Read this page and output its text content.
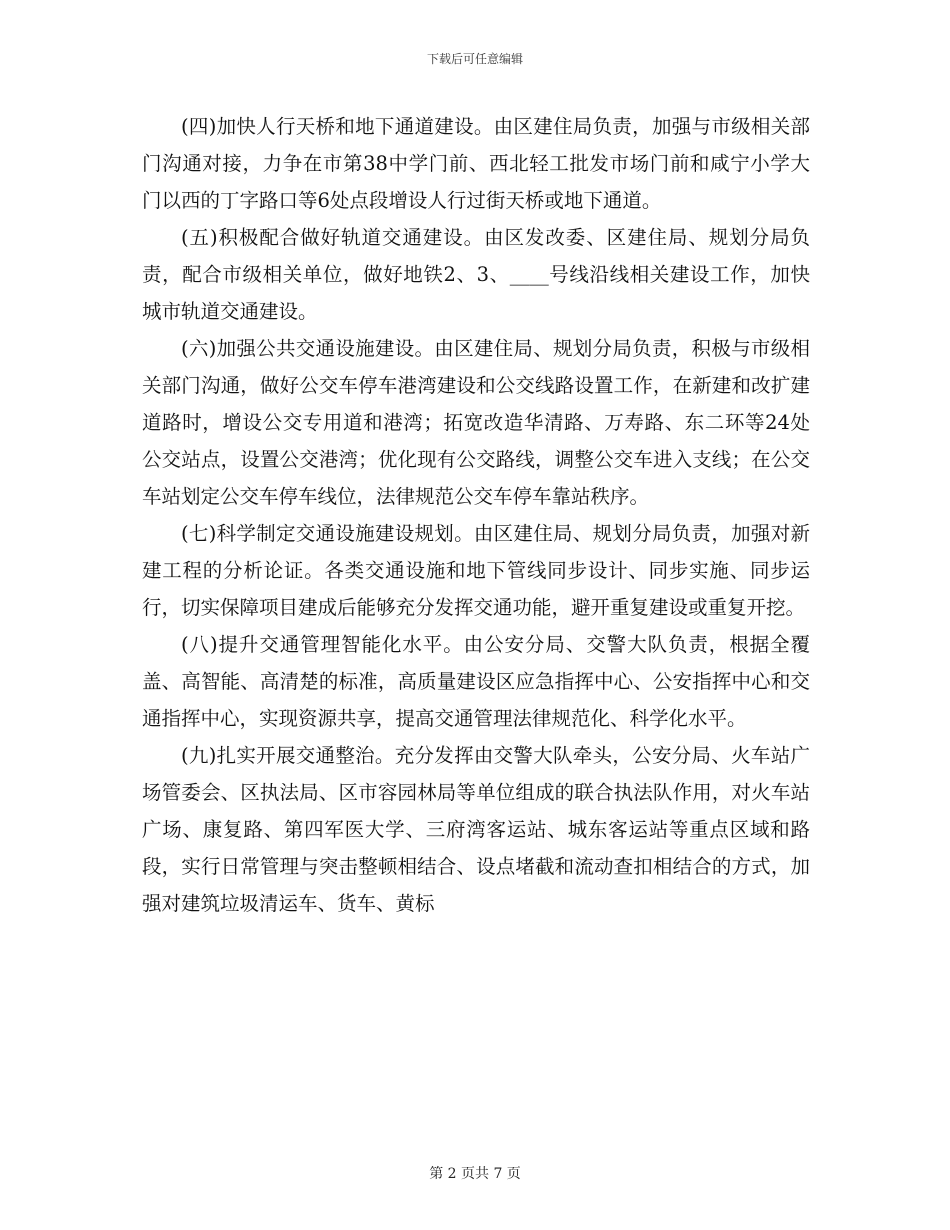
下载后可任意编辑

(四)加快人行天桥和地下通道建设。由区建住局负责，加强与市级相关部门沟通对接，力争在市第38中学门前、西北轻工批发市场门前和咸宁小学大门以西的丁字路口等6处点段增设人行过街天桥或地下通道。

(五)积极配合做好轨道交通建设。由区发改委、区建住局、规划分局负责，配合市级相关单位，做好地铁2、3、____号线沿线相关建设工作，加快城市轨道交通建设。

(六)加强公共交通设施建设。由区建住局、规划分局负责，积极与市级相关部门沟通，做好公交车停车港湾建设和公交线路设置工作，在新建和改扩建道路时，增设公交专用道和港湾；拓宽改造华清路、万寿路、东二环等24处公交站点，设置公交港湾；优化现有公交路线，调整公交车进入支线；在公交车站划定公交车停车线位，法律规范公交车停车靠站秩序。

(七)科学制定交通设施建设规划。由区建住局、规划分局负责，加强对新建工程的分析论证。各类交通设施和地下管线同步设计、同步实施、同步运行，切实保障项目建成后能够充分发挥交通功能，避开重复建设或重复开挖。

(八)提升交通管理智能化水平。由公安分局、交警大队负责，根据全覆盖、高智能、高清楚的标准，高质量建设区应急指挥中心、公安指挥中心和交通指挥中心，实现资源共享，提高交通管理法律规范化、科学化水平。

(九)扎实开展交通整治。充分发挥由交警大队牵头，公安分局、火车站广场管委会、区执法局、区市容园林局等单位组成的联合执法队作用，对火车站广场、康复路、第四军医大学、三府湾客运站、城东客运站等重点区域和路段，实行日常管理与突击整顿相结合、设点堵截和流动查扣相结合的方式，加强对建筑垃圾清运车、货车、黄标

第 2 页共 7 页
